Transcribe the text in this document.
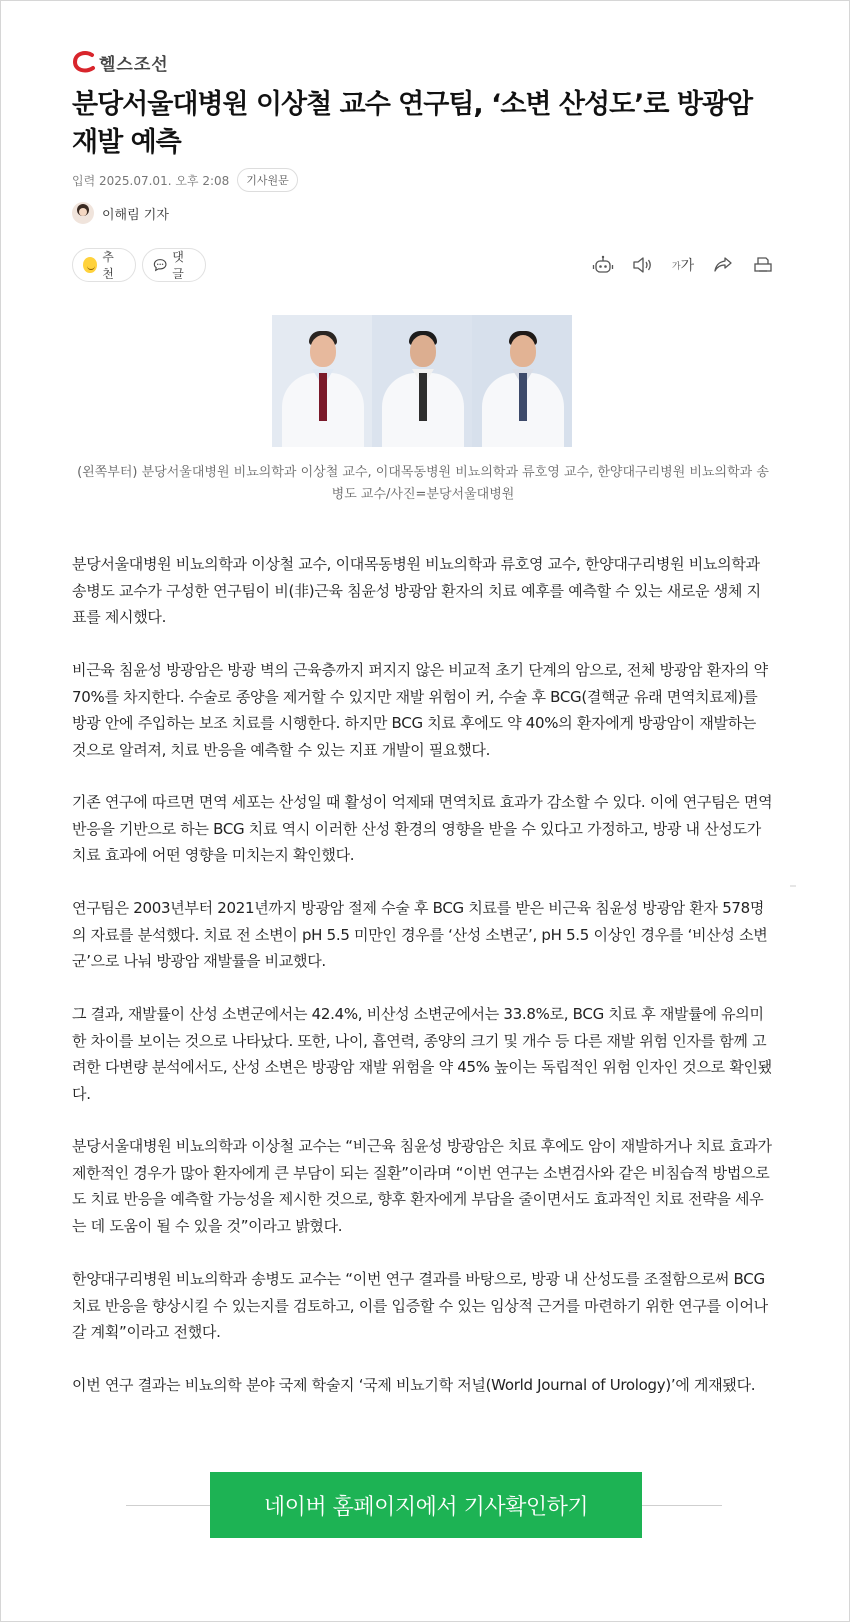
헬스조선
분당서울대병원 이상철 교수 연구팀, ‘소변 산성도’로 방광암 재발 예측
입력 2025.07.01. 오후 2:08	기사원문
이해림 기자
추천
댓글
가 가

(왼쪽부터) 분당서울대병원 비뇨의학과 이상철 교수, 이대목동병원 비뇨의학과 류호영 교수, 한양대구리병원 비뇨의학과 송병도 교수/사진=분당서울대병원

분당서울대병원 비뇨의학과 이상철 교수, 이대목동병원 비뇨의학과 류호영 교수, 한양대구리병원 비뇨의학과 송병도 교수가 구성한 연구팀이 비(非)근육 침윤성 방광암 환자의 치료 예후를 예측할 수 있는 새로운 생체 지표를 제시했다.

비근육 침윤성 방광암은 방광 벽의 근육층까지 퍼지지 않은 비교적 초기 단계의 암으로, 전체 방광암 환자의 약 70%를 차지한다. 수술로 종양을 제거할 수 있지만 재발 위험이 커, 수술 후 BCG(결핵균 유래 면역치료제)를 방광 안에 주입하는 보조 치료를 시행한다. 하지만 BCG 치료 후에도 약 40%의 환자에게 방광암이 재발하는 것으로 알려져, 치료 반응을 예측할 수 있는 지표 개발이 필요했다.

기존 연구에 따르면 면역 세포는 산성일 때 활성이 억제돼 면역치료 효과가 감소할 수 있다. 이에 연구팀은 면역 반응을 기반으로 하는 BCG 치료 역시 이러한 산성 환경의 영향을 받을 수 있다고 가정하고, 방광 내 산성도가 치료 효과에 어떤 영향을 미치는지 확인했다.

연구팀은 2003년부터 2021년까지 방광암 절제 수술 후 BCG 치료를 받은 비근육 침윤성 방광암 환자 578명의 자료를 분석했다. 치료 전 소변이 pH 5.5 미만인 경우를 ‘산성 소변군’, pH 5.5 이상인 경우를 ‘비산성 소변군’으로 나눠 방광암 재발률을 비교했다.

그 결과, 재발률이 산성 소변군에서는 42.4%, 비산성 소변군에서는 33.8%로, BCG 치료 후 재발률에 유의미한 차이를 보이는 것으로 나타났다. 또한, 나이, 흡연력, 종양의 크기 및 개수 등 다른 재발 위험 인자를 함께 고려한 다변량 분석에서도, 산성 소변은 방광암 재발 위험을 약 45% 높이는 독립적인 위험 인자인 것으로 확인됐다.

분당서울대병원 비뇨의학과 이상철 교수는 “비근육 침윤성 방광암은 치료 후에도 암이 재발하거나 치료 효과가 제한적인 경우가 많아 환자에게 큰 부담이 되는 질환”이라며 “이번 연구는 소변검사와 같은 비침습적 방법으로도 치료 반응을 예측할 가능성을 제시한 것으로, 향후 환자에게 부담을 줄이면서도 효과적인 치료 전략을 세우는 데 도움이 될 수 있을 것”이라고 밝혔다.

한양대구리병원 비뇨의학과 송병도 교수는 “이번 연구 결과를 바탕으로, 방광 내 산성도를 조절함으로써 BCG 치료 반응을 향상시킬 수 있는지를 검토하고, 이를 입증할 수 있는 임상적 근거를 마련하기 위한 연구를 이어나갈 계획”이라고 전했다.

이번 연구 결과는 비뇨의학 분야 국제 학술지 ‘국제 비뇨기학 저널(World Journal of Urology)’에 게재됐다.

네이버 홈페이지에서 기사확인하기
